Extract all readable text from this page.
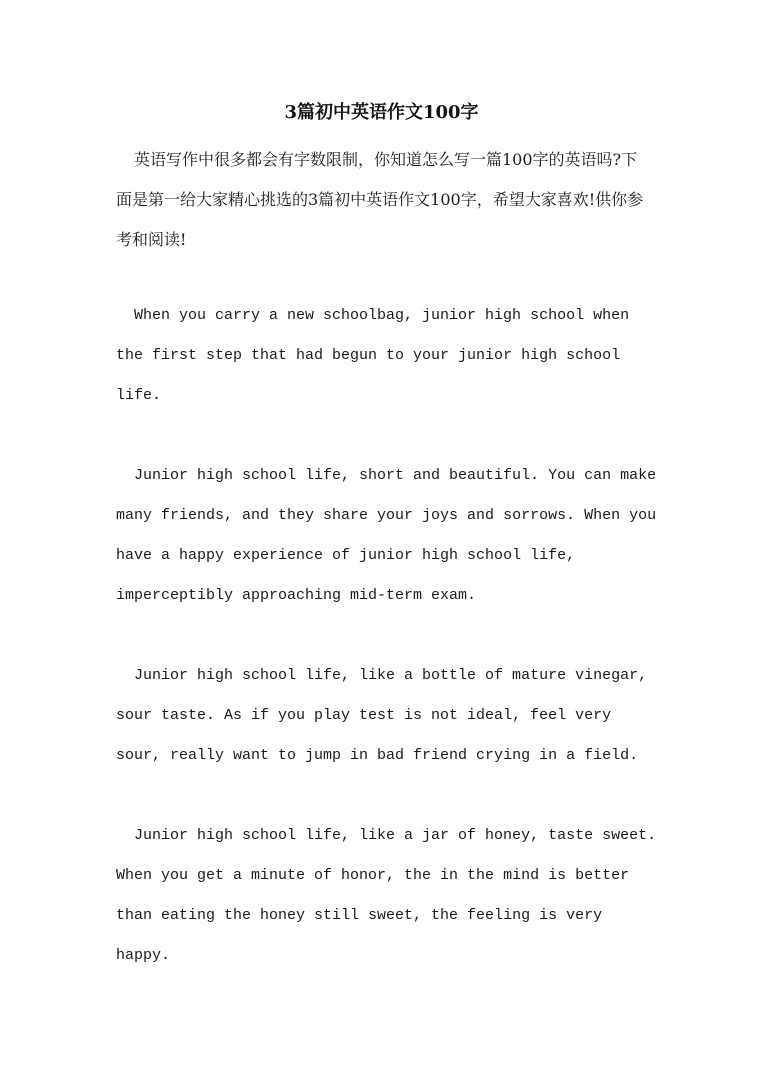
3篇初中英语作文100字

英语写作中很多都会有字数限制，你知道怎么写一篇100字的英语吗?下面是第一给大家精心挑选的3篇初中英语作文100字，希望大家喜欢!供你参考和阅读!

When you carry a new schoolbag, junior high school when the first step that had begun to your junior high school life.

Junior high school life, short and beautiful. You can make many friends, and they share your joys and sorrows. When you have a happy experience of junior high school life, imperceptibly approaching mid-term exam.

Junior high school life, like a bottle of mature vinegar, sour taste. As if you play test is not ideal, feel very sour, really want to jump in bad friend crying in a field.

Junior high school life, like a jar of honey, taste sweet. When you get a minute of honor, the in the mind is better than eating the honey still sweet, the feeling is very happy.
